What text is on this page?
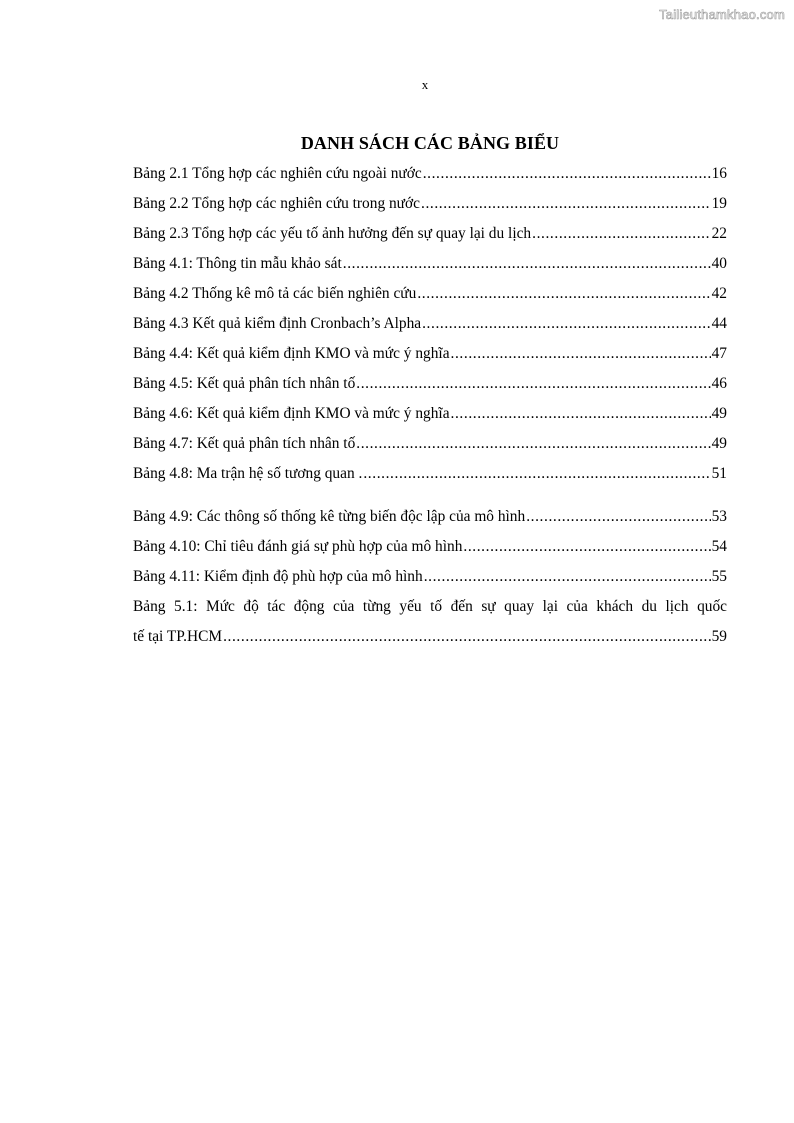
Tailieuthamkhao.com
x
DANH SÁCH CÁC BẢNG BIỂU
Bảng 2.1 Tổng hợp các nghiên cứu ngoài nước .....	16
Bảng 2.2 Tổng hợp các nghiên cứu trong nước .....	19
Bảng 2.3 Tổng hợp các yếu tố ảnh hưởng đến sự quay lại du lịch .....	22
Bảng 4.1: Thông tin mẫu khảo sát .....	40
Bảng 4.2 Thống kê mô tả các biến nghiên cứu .....	42
Bảng 4.3 Kết quả kiểm định Cronbach’s Alpha .....	44
Bảng 4.4: Kết quả kiểm định KMO và mức ý nghĩa .....	47
Bảng 4.5: Kết quả phân tích nhân tố .....	46
Bảng 4.6: Kết quả kiểm định KMO và mức ý nghĩa .....	49
Bảng 4.7: Kết quả phân tích nhân tố .....	49
Bảng 4.8: Ma trận hệ số tương quan . .....	51
Bảng 4.9: Các thông số thống kê từng biến độc lập của mô hình .....	53
Bảng 4.10: Chỉ tiêu đánh giá sự phù hợp của mô hình .....	54
Bảng 4.11: Kiểm định độ phù hợp của mô hình .....	55
Bảng 5.1: Mức độ tác động của từng yếu tố đến sự quay lại của khách du lịch quốc
tế tại TP.HCM .....	59
